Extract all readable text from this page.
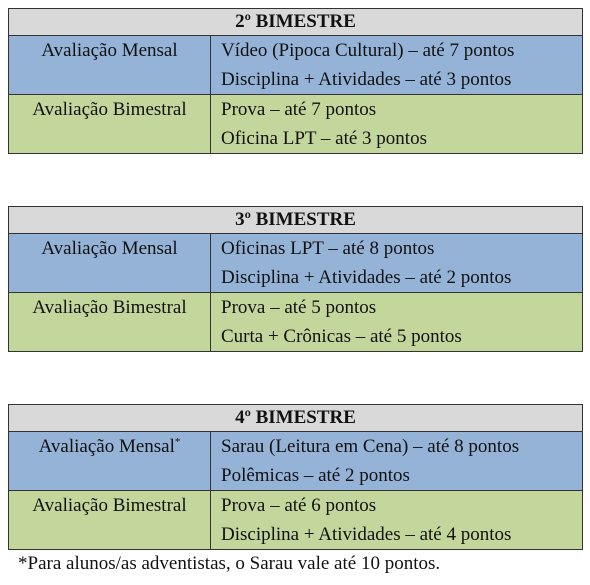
2º BIMESTRE	
Avaliação Mensal	Vídeo (Pipoca Cultural) – até 7 pontos
Disciplina + Atividades – até 3 pontos

Avaliação Bimestral	Prova – até 7 pontos
Oficina LPT – até 3 pontos
3º BIMESTRE	
Avaliação Mensal	Oficinas LPT – até 8 pontos
Disciplina + Atividades – até 2 pontos

Avaliação Bimestral	Prova – até 5 pontos
Curta + Crônicas – até 5 pontos
4º BIMESTRE	
Avaliação Mensal*	Sarau (Leitura em Cena) – até 8 pontos
Polêmicas – até 2 pontos

Avaliação Bimestral	Prova – até 6 pontos
Disciplina + Atividades – até 4 pontos
*Para alunos/as adventistas, o Sarau vale até 10 pontos.
